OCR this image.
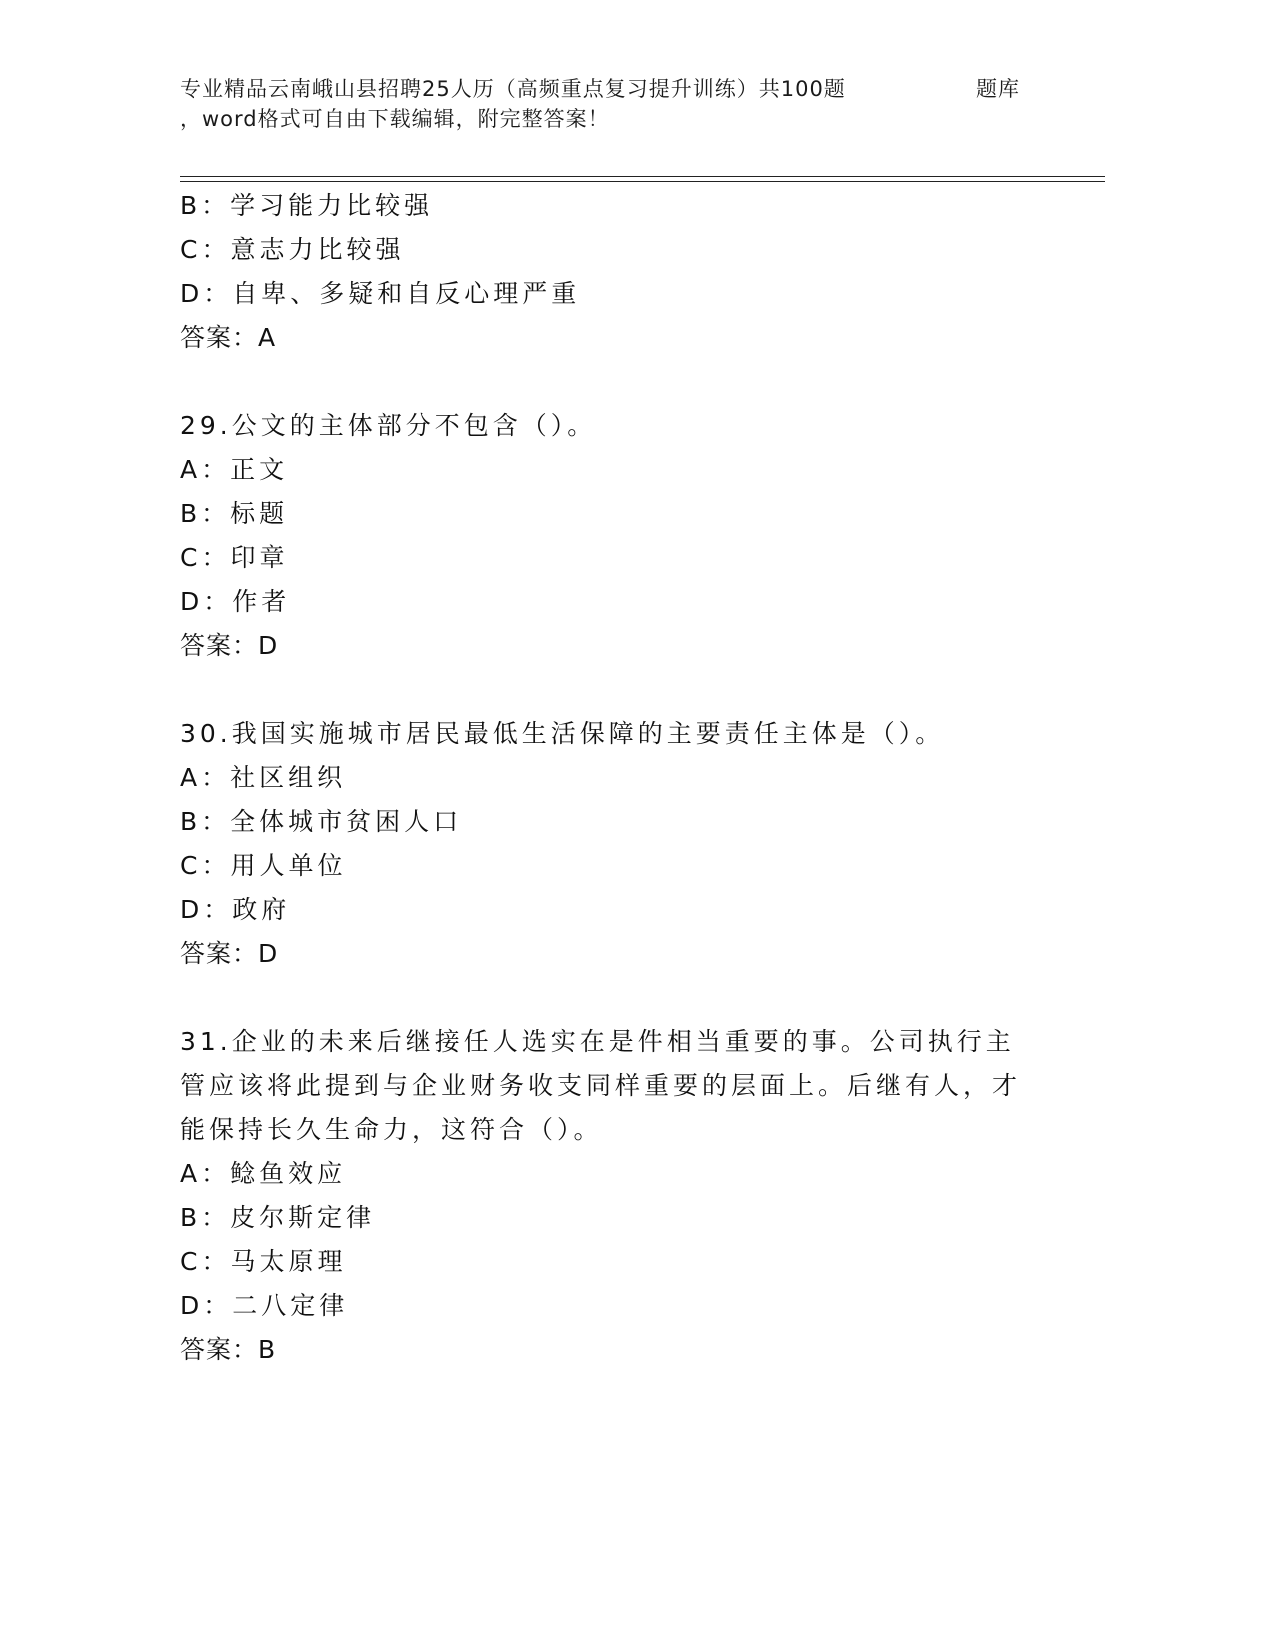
专业精品云南峨山县招聘25人历（高频重点复习提升训练）共100题	题库
，word格式可自由下载编辑，附完整答案！
B：学习能力比较强
C：意志力比较强
D：自卑、多疑和自反心理严重
答案：A
29.公文的主体部分不包含（）。
A：正文
B：标题
C：印章
D：作者
答案：D
30.我国实施城市居民最低生活保障的主要责任主体是（）。
A：社区组织
B：全体城市贫困人口
C：用人单位
D：政府
答案：D
31.企业的未来后继接任人选实在是件相当重要的事。公司执行主管应该将此提到与企业财务收支同样重要的层面上。后继有人，才能保持长久生命力，这符合（）。
A：鲶鱼效应
B：皮尔斯定律
C：马太原理
D：二八定律
答案：B
